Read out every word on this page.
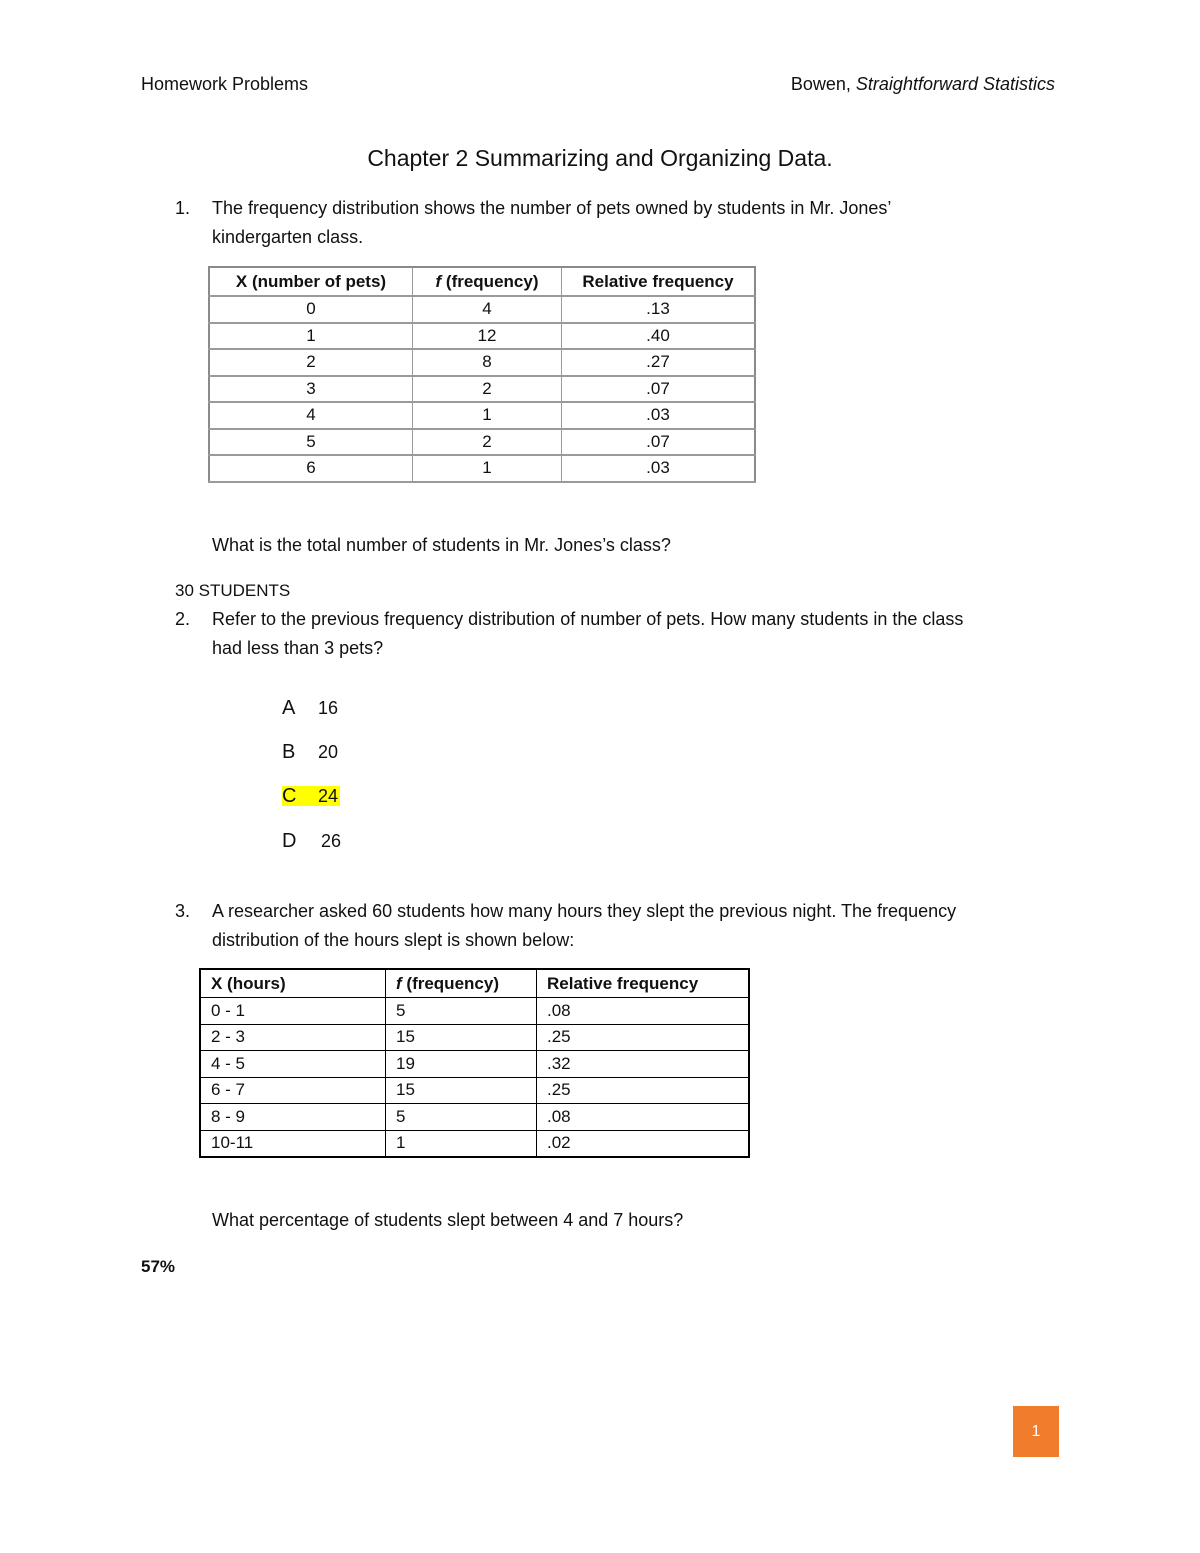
Homework Problems	Bowen, Straightforward Statistics
Chapter 2 Summarizing and Organizing Data.
1. The frequency distribution shows the number of pets owned by students in Mr. Jones’
kindergarten class.
X (number of pets)	f (frequency)	Relative frequency
0	4	.13
1	12	.40
2	8	.27
3	2	.07
4	1	.03
5	2	.07
6	1	.03
What is the total number of students in Mr. Jones’s class?
30 STUDENTS
2. Refer to the previous frequency distribution of number of pets. How many students in the class
had less than 3 pets?
A 16
B 20
C 24
D 26
3. A researcher asked 60 students how many hours they slept the previous night. The frequency
distribution of the hours slept is shown below:
X (hours)	f (frequency)	Relative frequency
0 - 1	5	.08
2 - 3	15	.25
4 - 5	19	.32
6 - 7	15	.25
8 - 9	5	.08
10-11	1	.02
What percentage of students slept between 4 and 7 hours?
57%
1
